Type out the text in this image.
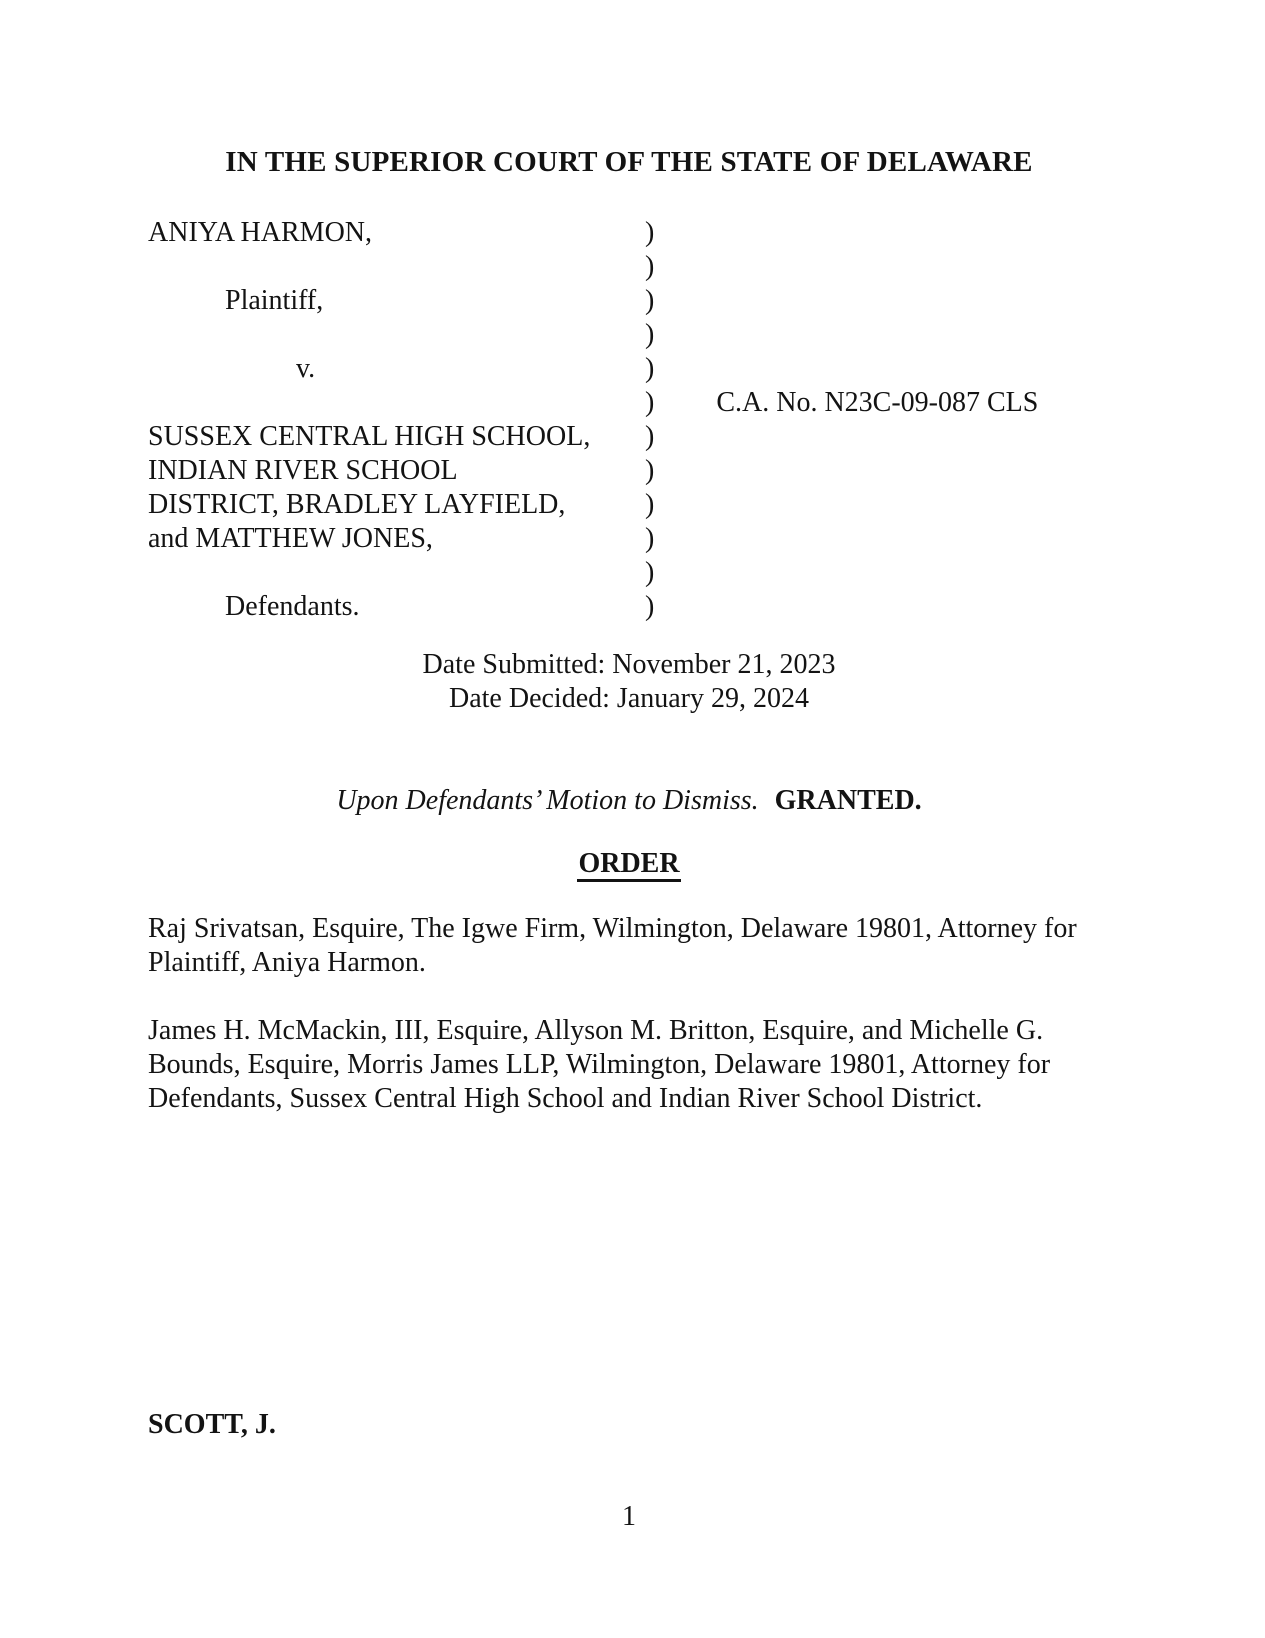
IN THE SUPERIOR COURT OF THE STATE OF DELAWARE
ANIYA HARMON,	)
)
Plaintiff,	)
)
v.	)
) C.A. No. N23C-09-087 CLS
SUSSEX CENTRAL HIGH SCHOOL,	)
INDIAN RIVER SCHOOL	)
DISTRICT, BRADLEY LAYFIELD,	)
and MATTHEW JONES,	)
)
Defendants.	)
Date Submitted: November 21, 2023
Date Decided: January 29, 2024
Upon Defendants’ Motion to Dismiss. GRANTED.
ORDER
Raj Srivatsan, Esquire, The Igwe Firm, Wilmington, Delaware 19801, Attorney for
Plaintiff, Aniya Harmon.
James H. McMackin, III, Esquire, Allyson M. Britton, Esquire, and Michelle G.
Bounds, Esquire, Morris James LLP, Wilmington, Delaware 19801, Attorney for
Defendants, Sussex Central High School and Indian River School District.
SCOTT, J.
1
